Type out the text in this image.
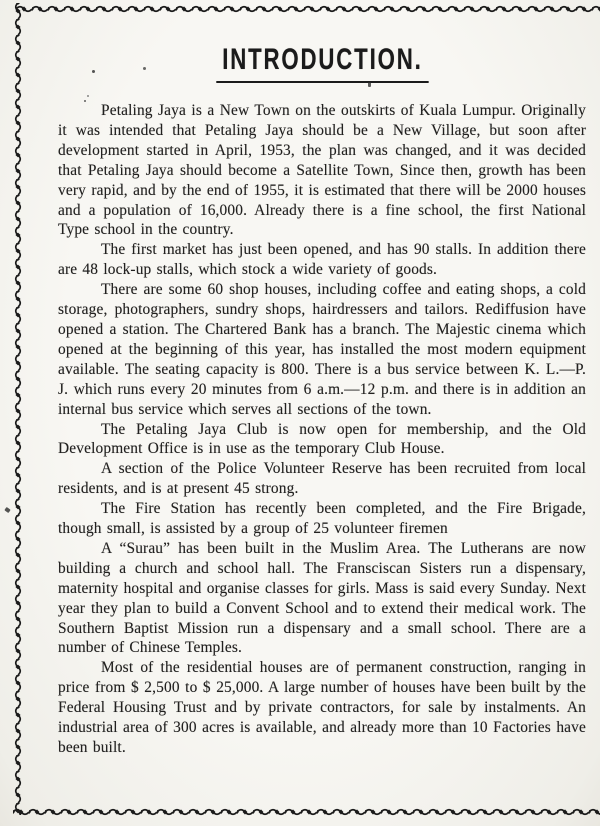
INTRODUCTION.

Petaling Jaya is a New Town on the outskirts of Kuala Lumpur. Originally it was intended that Petaling Jaya should be a New Village, but soon after development started in April, 1953, the plan was changed, and it was decided that Petaling Jaya should become a Satellite Town, Since then, growth has been very rapid, and by the end of 1955, it is estimated that there will be 2000 houses and a population of 16,000. Already there is a fine school, the first National Type school in the country.

The first market has just been opened, and has 90 stalls. In addition there are 48 lock-up stalls, which stock a wide variety of goods.

There are some 60 shop houses, including coffee and eating shops, a cold storage, photographers, sundry shops, hairdressers and tailors. Rediffusion have opened a station. The Chartered Bank has a branch. The Majestic cinema which opened at the beginning of this year, has installed the most modern equipment available. The seating capacity is 800. There is a bus service between K. L.—P. J. which runs every 20 minutes from 6 a.m.—12 p.m. and there is in addition an internal bus service which serves all sections of the town.

The Petaling Jaya Club is now open for membership, and the Old Development Office is in use as the temporary Club House.

A section of the Police Volunteer Reserve has been recruited from local residents, and is at present 45 strong.

The Fire Station has recently been completed, and the Fire Brigade, though small, is assisted by a group of 25 volunteer firemen

A “Surau” has been built in the Muslim Area. The Lutherans are now building a church and school hall. The Fransciscan Sisters run a dispensary, maternity hospital and organise classes for girls. Mass is said every Sunday. Next year they plan to build a Convent School and to extend their medical work. The Southern Baptist Mission run a dispensary and a small school. There are a number of Chinese Temples.

Most of the residential houses are of permanent construction, ranging in price from $ 2,500 to $ 25,000. A large number of houses have been built by the Federal Housing Trust and by private contractors, for sale by instalments. An industrial area of 300 acres is available, and already more than 10 Factories have been built.
